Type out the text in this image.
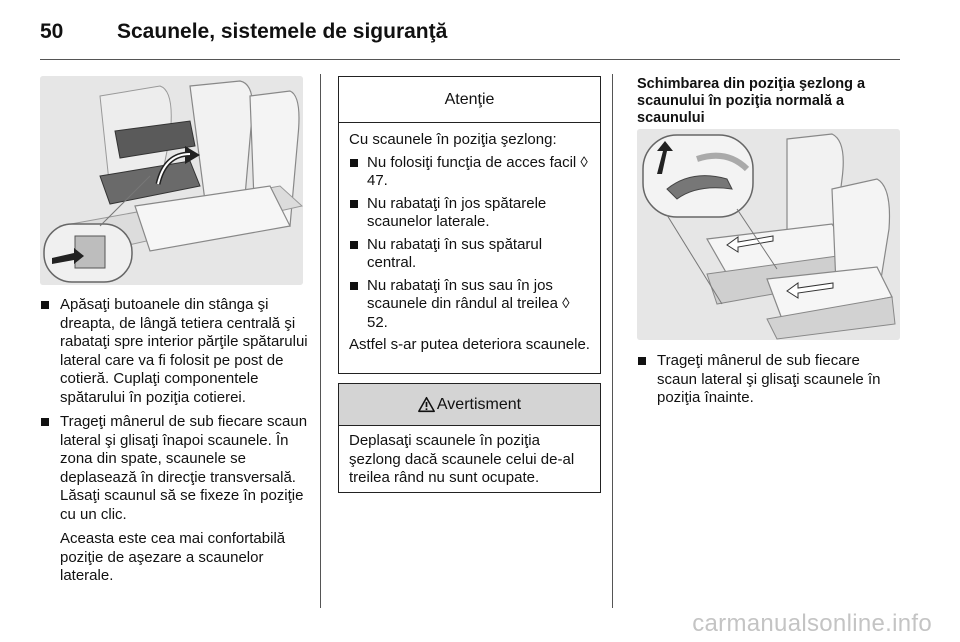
50	Scaunele, sistemele de siguranţă
Apăsaţi butoanele din stânga şi dreapta, de lângă tetiera centrală şi rabataţi spre interior părţile spătarului lateral care va fi folosit pe post de cotieră. Cuplaţi componentele spătarului în poziţia cotierei.
Trageţi mânerul de sub fiecare scaun lateral şi glisaţi înapoi scaunele. În zona din spate, scaunele se deplasează în direcţie transversală. Lăsaţi scaunul să se fixeze în poziţie cu un clic.
Aceasta este cea mai confortabilă poziţie de aşezare a scaunelor laterale.
Atenţie
Cu scaunele în poziţia şezlong:
Nu folosiţi funcţia de acces facil ◊ 47.
Nu rabataţi în jos spătarele scaunelor laterale.
Nu rabataţi în sus spătarul central.
Nu rabataţi în sus sau în jos scaunele din rândul al treilea ◊ 52.
Astfel s-ar putea deteriora scaunele.
Avertisment
Deplasaţi scaunele în poziţia şezlong dacă scaunele celui de-al treilea rând nu sunt ocupate.
Schimbarea din poziţia şezlong a scaunului în poziţia normală a scaunului
Trageţi mânerul de sub fiecare scaun lateral şi glisaţi scaunele în poziţia înainte.
carmanualsonline.info
